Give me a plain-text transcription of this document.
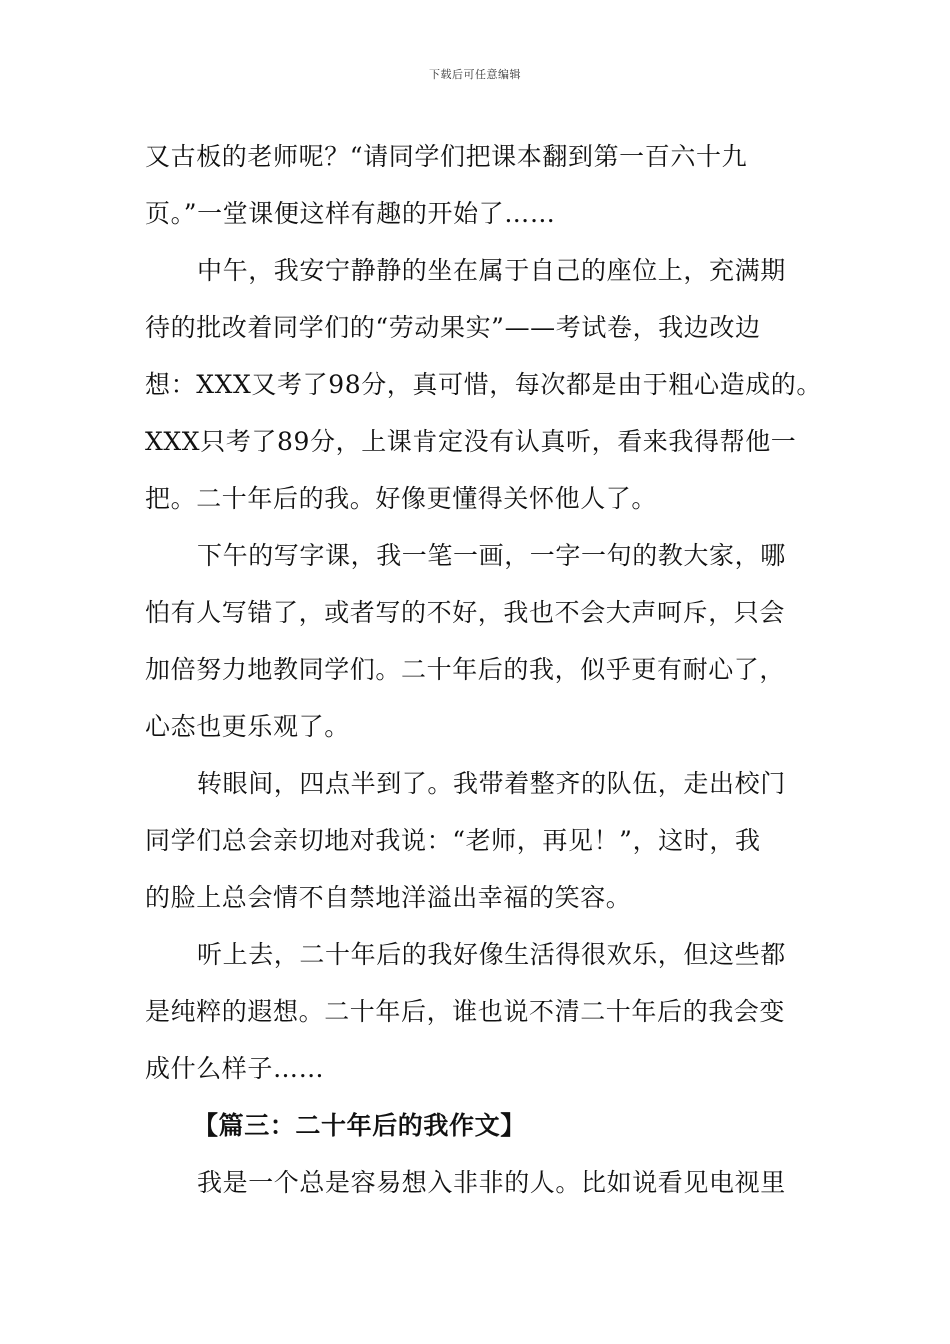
下载后可任意编辑
又古板的老师呢？“请同学们把课本翻到第一百六十九
页。”一堂课便这样有趣的开始了……
中午，我安宁静静的坐在属于自己的座位上，充满期
待的批改着同学们的“劳动果实”——考试卷，我边改边
想：XXX又考了98分，真可惜，每次都是由于粗心造成的。
XXX只考了89分，上课肯定没有认真听，看来我得帮他一
把。二十年后的我。好像更懂得关怀他人了。
下午的写字课，我一笔一画，一字一句的教大家，哪
怕有人写错了，或者写的不好，我也不会大声呵斥，只会
加倍努力地教同学们。二十年后的我，似乎更有耐心了，
心态也更乐观了。
转眼间，四点半到了。我带着整齐的队伍，走出校门
同学们总会亲切地对我说：“老师，再见！”，这时，我
的脸上总会情不自禁地洋溢出幸福的笑容。
听上去，二十年后的我好像生活得很欢乐，但这些都
是纯粹的遐想。二十年后，谁也说不清二十年后的我会变
成什么样子……
【篇三：二十年后的我作文】
我是一个总是容易想入非非的人。比如说看见电视里
